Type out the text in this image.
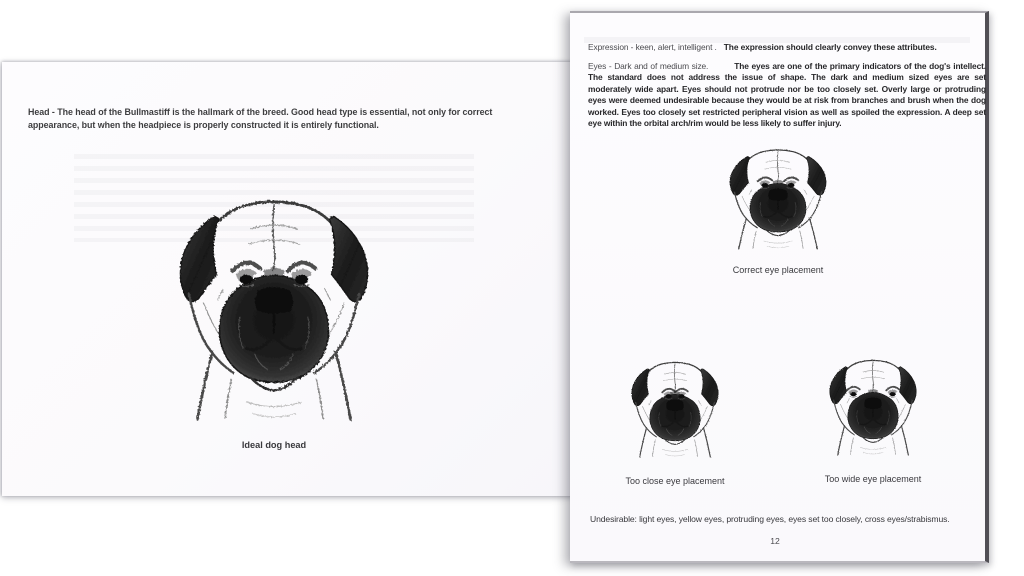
Head - The head of the Bullmastiff is the hallmark of the breed. Good head type is essential, not only for correct appearance, but when the headpiece is properly constructed it is entirely functional.

Ideal dog head

Expression - keen, alert, intelligent . The expression should clearly convey these attributes.

Eyes - Dark and of medium size.	The eyes are one of the primary indicators of the dog's intellect. The standard does not address the issue of shape. The dark and medium sized eyes are set moderately wide apart. Eyes should not protrude nor be too closely set. Overly large or protruding eyes were deemed undesirable because they would be at risk from branches and brush when the dog worked. Eyes too closely set restricted peripheral vision as well as spoiled the expression. A deep set eye within the orbital arch/rim would be less likely to suffer injury.

Correct eye placement
Too close eye placement	Too wide eye placement

Undesirable: light eyes, yellow eyes, protruding eyes, eyes set too closely, cross eyes/strabismus.

12
